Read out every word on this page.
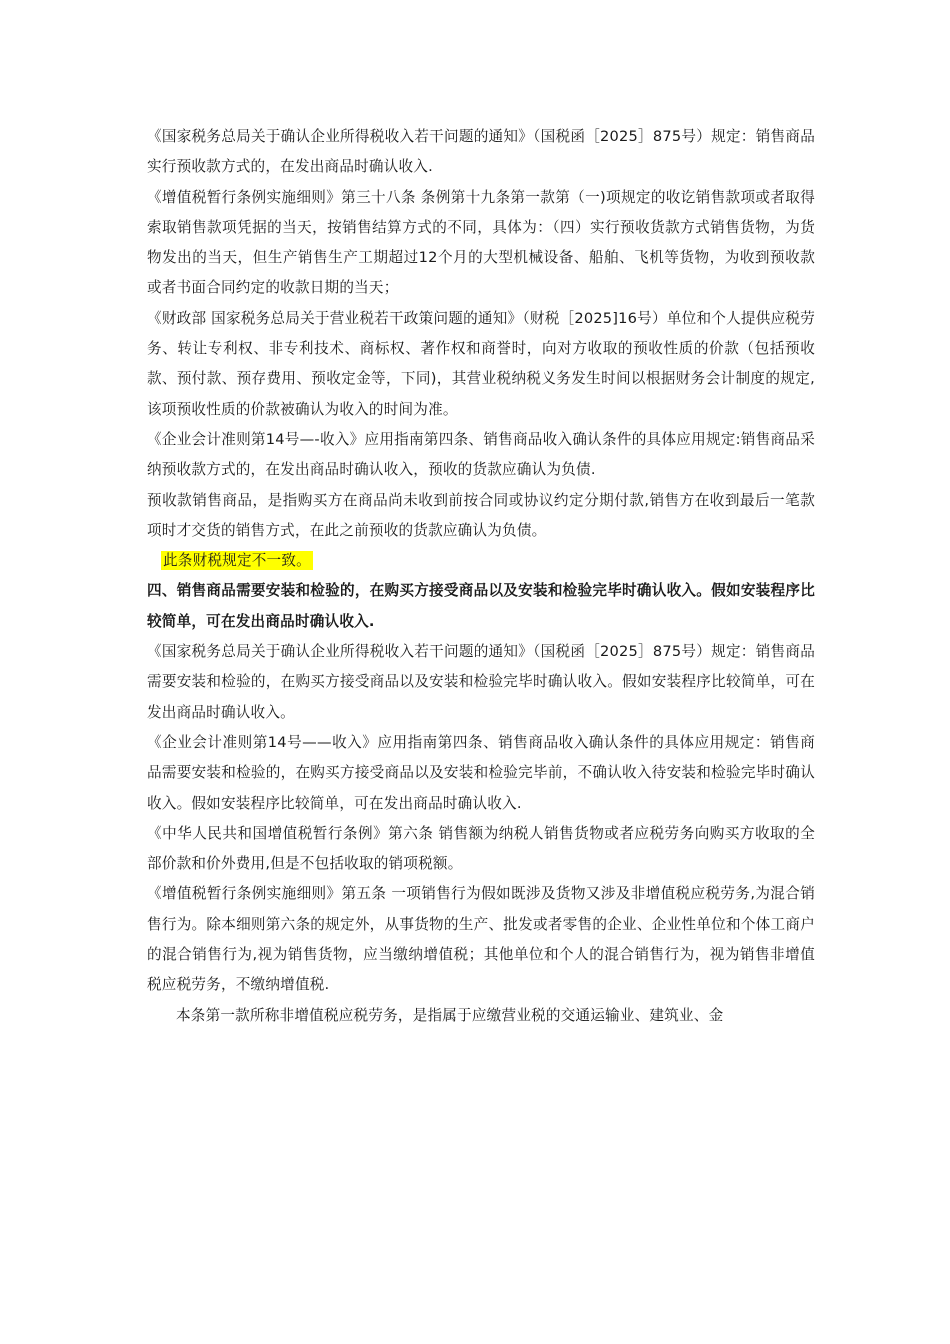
《国家税务总局关于确认企业所得税收入若干问题的通知》（国税函［2025］875号）规定：销售商品实行预收款方式的，在发出商品时确认收入.

《增值税暂行条例实施细则》第三十八条 条例第十九条第一款第（一)项规定的收讫销售款项或者取得索取销售款项凭据的当天，按销售结算方式的不同，具体为：（四）实行预收货款方式销售货物，为货物发出的当天，但生产销售生产工期超过12个月的大型机械设备、船舶、飞机等货物，为收到预收款或者书面合同约定的收款日期的当天；

《财政部 国家税务总局关于营业税若干政策问题的通知》（财税［2025]16号）单位和个人提供应税劳务、转让专利权、非专利技术、商标权、著作权和商誉时，向对方收取的预收性质的价款（包括预收款、预付款、预存费用、预收定金等，下同)，其营业税纳税义务发生时间以根据财务会计制度的规定,该项预收性质的价款被确认为收入的时间为准。

《企业会计准则第14号—-收入》应用指南第四条、销售商品收入确认条件的具体应用规定:销售商品采纳预收款方式的，在发出商品时确认收入，预收的货款应确认为负债.

预收款销售商品，是指购买方在商品尚未收到前按合同或协议约定分期付款,销售方在收到最后一笔款项时才交货的销售方式，在此之前预收的货款应确认为负债。

此条财税规定不一致。

四、销售商品需要安装和检验的，在购买方接受商品以及安装和检验完毕时确认收入。假如安装程序比较简单，可在发出商品时确认收入.

《国家税务总局关于确认企业所得税收入若干问题的通知》（国税函［2025］875号）规定：销售商品需要安装和检验的，在购买方接受商品以及安装和检验完毕时确认收入。假如安装程序比较简单，可在发出商品时确认收入。

《企业会计准则第14号——收入》应用指南第四条、销售商品收入确认条件的具体应用规定：销售商品需要安装和检验的，在购买方接受商品以及安装和检验完毕前，不确认收入待安装和检验完毕时确认收入。假如安装程序比较简单，可在发出商品时确认收入.

《中华人民共和国增值税暂行条例》第六条 销售额为纳税人销售货物或者应税劳务向购买方收取的全部价款和价外费用,但是不包括收取的销项税额。

《增值税暂行条例实施细则》第五条 一项销售行为假如既涉及货物又涉及非增值税应税劳务,为混合销售行为。除本细则第六条的规定外，从事货物的生产、批发或者零售的企业、企业性单位和个体工商户的混合销售行为,视为销售货物，应当缴纳增值税；其他单位和个人的混合销售行为，视为销售非增值税应税劳务，不缴纳增值税.

本条第一款所称非增值税应税劳务，是指属于应缴营业税的交通运输业、建筑业、金
